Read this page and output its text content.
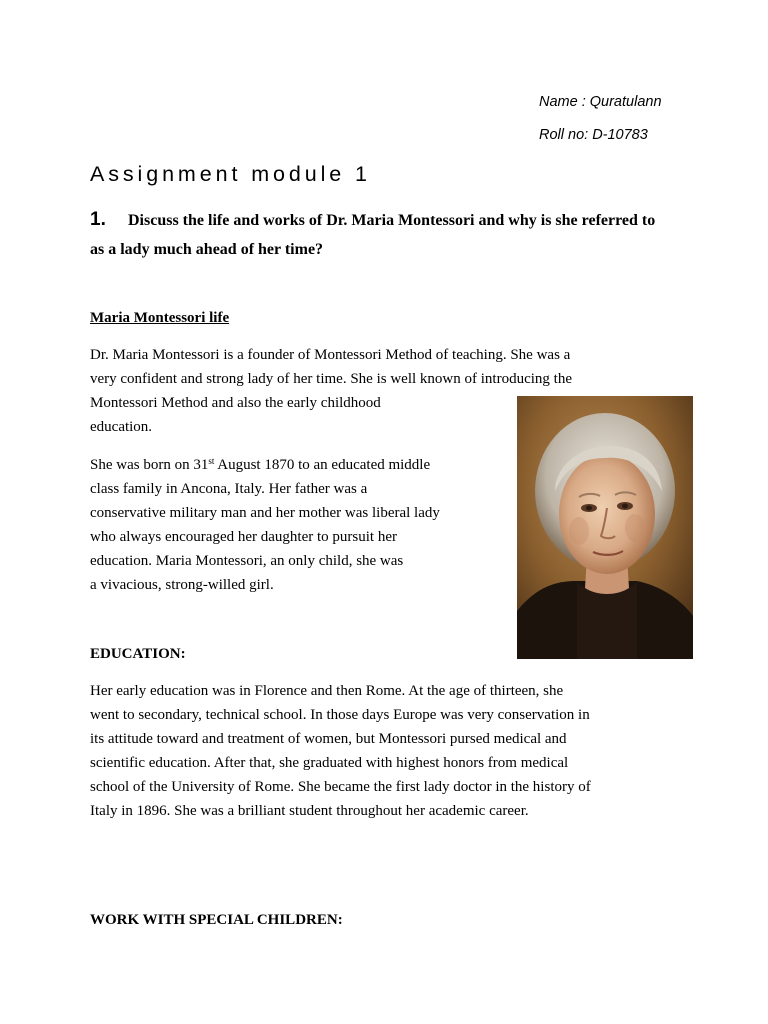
Name : Quratulann
Roll no: D-10783
Assignment module 1

1. Discuss the life and works of Dr. Maria Montessori and why is she referred to as a lady much ahead of her time?

Maria Montessori life
Dr. Maria Montessori is a founder of Montessori Method of teaching. She was a
very confident and strong lady of her time. She is well known of introducing the
Montessori Method and also the early childhood
education.
She was born on 31st August 1870 to an educated middle
class family in Ancona, Italy. Her father was a
conservative military man and her mother was liberal lady
who always encouraged her daughter to pursuit her
education. Maria Montessori, an only child, she was
a vivacious, strong-willed girl.
EDUCATION:
Her early education was in Florence and then Rome. At the age of thirteen, she
went to secondary, technical school. In those days Europe was very conservation in
its attitude toward and treatment of women, but Montessori pursed medical and
scientific education. After that, she graduated with highest honors from medical
school of the University of Rome. She became the first lady doctor in the history of
Italy in 1896. She was a brilliant student throughout her academic career.
WORK WITH SPECIAL CHILDREN:
